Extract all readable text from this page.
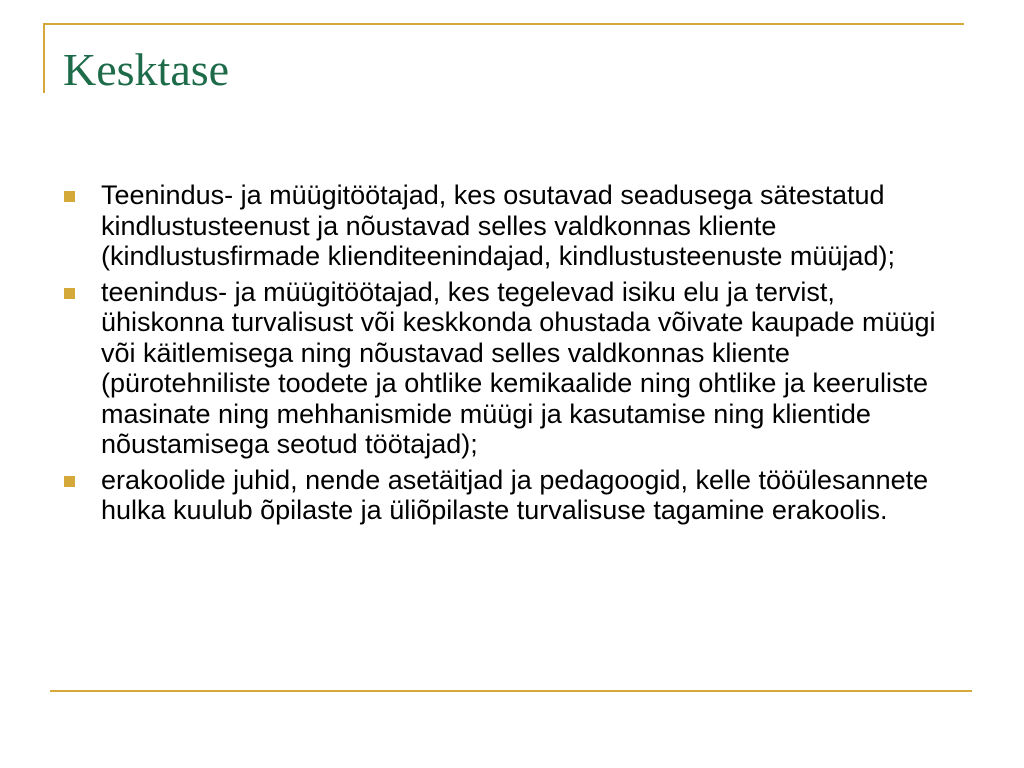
Kesktase
Teenindus- ja müügitöötajad, kes osutavad seadusega sätestatud kindlustusteenust ja nõustavad selles valdkonnas kliente (kindlustusfirmade klienditeenindajad, kindlustusteenuste müüjad);
teenindus- ja müügitöötajad, kes tegelevad isiku elu ja tervist, ühiskonna turvalisust või keskkonda ohustada võivate kaupade müügi või käitlemisega ning nõustavad selles valdkonnas kliente (pürotehniliste toodete ja ohtlike kemikaalide ning ohtlike ja keeruliste masinate ning mehhanismide müügi ja kasutamise ning klientide nõustamisega seotud töötajad);
erakoolide juhid, nende asetäitjad ja pedagoogid, kelle tööülesannete hulka kuulub õpilaste ja üliõpilaste turvalisuse tagamine erakoolis.
